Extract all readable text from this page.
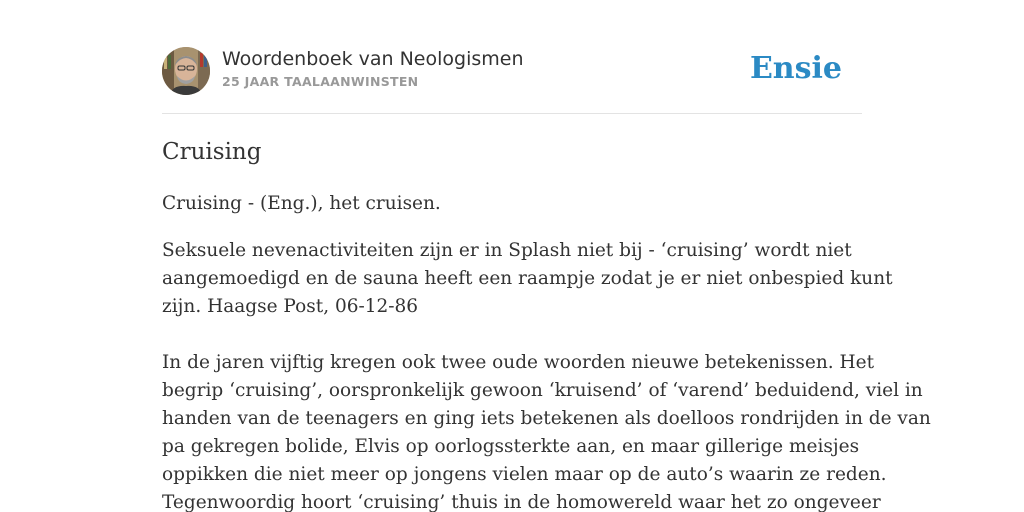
Woordenboek van Neologismen
25 JAAR TAALAANWINSTEN	Ensie
Cruising

Cruising - (Eng.), het cruisen.

Seksuele nevenactiviteiten zijn er in Splash niet bij - ‘cruising’ wordt niet
aangemoedigd en de sauna heeft een raampje zodat je er niet onbespied kunt
zijn. Haagse Post, 06-12-86

In de jaren vijftig kregen ook twee oude woorden nieuwe betekenissen. Het
begrip ‘cruising’, oorspronkelijk gewoon ‘kruisend’ of ‘varend’ beduidend, viel in
handen van de teenagers en ging iets betekenen als doelloos rondrijden in de van
pa gekregen bolide, Elvis op oorlogssterkte aan, en maar gillerige meisjes
oppikken die niet meer op jongens vielen maar op de auto’s waarin ze reden.
Tegenwoordig hoort ‘cruising’ thuis in de homowereld waar het zo ongeveer
